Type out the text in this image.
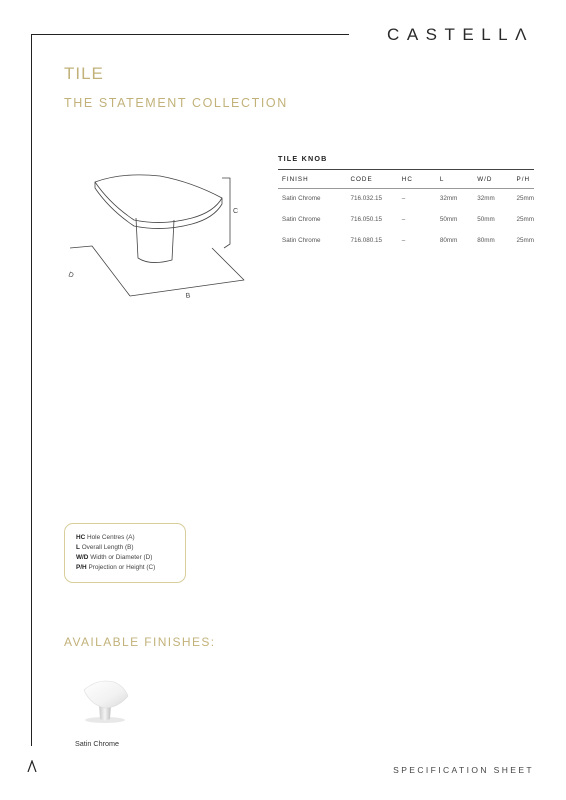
CASTELLΛ
TILE
THE STATEMENT COLLECTION
C
D
B
TILE KNOB
FINISH	CODE	HC	L	W/D	P/H
Satin Chrome	716.032.15	–	32mm	32mm	25mm
Satin Chrome	716.050.15	–	50mm	50mm	25mm
Satin Chrome	716.080.15	–	80mm	80mm	25mm
HC Hole Centres (A)
L Overall Length (B)
W/D Width or Diameter (D)
P/H Projection or Height (C)
AVAILABLE FINISHES:
Satin Chrome
SPECIFICATION SHEET
